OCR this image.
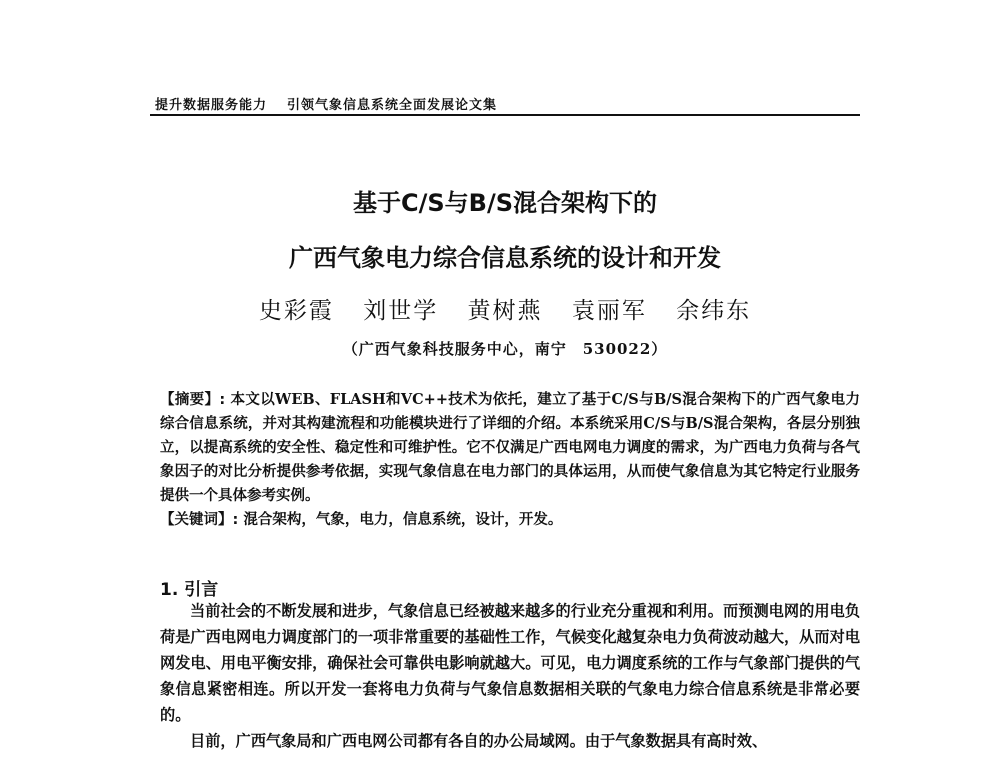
提升数据服务能力 引领气象信息系统全面发展论文集
基于C/S与B/S混合架构下的
广西气象电力综合信息系统的设计和开发
史彩霞 刘世学 黄树燕 袁丽军 余纬东
（广西气象科技服务中心，南宁　530022）

【摘要】: 本文以WEB、FLASH和VC++技术为依托，建立了基于C/S与B/S混合架构下的广西气象电力综合信息系统，并对其构建流程和功能模块进行了详细的介绍。本系统采用C/S与B/S混合架构，各层分别独立，以提高系统的安全性、稳定性和可维护性。它不仅满足广西电网电力调度的需求，为广西电力负荷与各气象因子的对比分析提供参考依据，实现气象信息在电力部门的具体运用，从而使气象信息为其它特定行业服务提供一个具体参考实例。

【关键词】: 混合架构，气象，电力，信息系统，设计，开发。

1. 引言

当前社会的不断发展和进步，气象信息已经被越来越多的行业充分重视和利用。而预测电网的用电负荷是广西电网电力调度部门的一项非常重要的基础性工作，气候变化越复杂电力负荷波动越大，从而对电网发电、用电平衡安排，确保社会可靠供电影响就越大。可见，电力调度系统的工作与气象部门提供的气象信息紧密相连。所以开发一套将电力负荷与气象信息数据相关联的气象电力综合信息系统是非常必要的。

目前，广西气象局和广西电网公司都有各自的办公局域网。由于气象数据具有高时效、
